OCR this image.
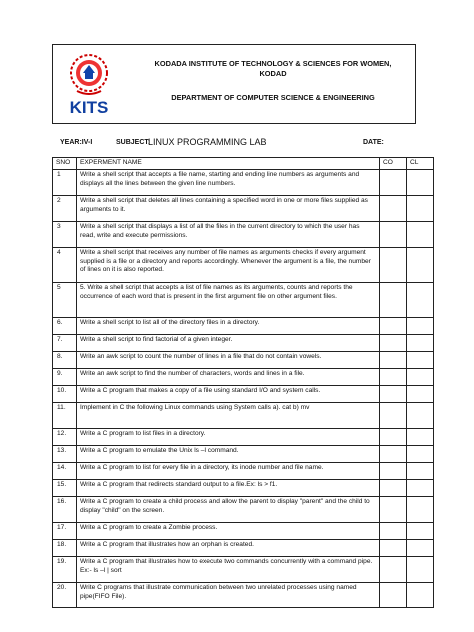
KITS
KODADA INSTITUTE OF TECHNOLOGY & SCIENCES FOR WOMEN, KODAD
DEPARTMENT OF COMPUTER SCIENCE & ENGINEERING
YEAR:IV-I	SUBJECT:
LINUX PROGRAMMING LAB	DATE:
SNO	EXPERMENT NAME	CO	CL
1	Write a shell script that accepts a file name, starting and ending line numbers as arguments and displays all the lines between the given line numbers.		
2	Write a shell script that deletes all lines containing a specified word in one or more files supplied as arguments to it.		
3	Write a shell script that displays a list of all the files in the current directory to which the user has read, write and execute permissions.		
4	Write a shell script that receives any number of file names as arguments checks if every argument supplied is a file or a directory and reports accordingly. Whenever the argument is a file, the number of lines on it is also reported.		
5	5. Write a shell script that accepts a list of file names as its arguments, counts and reports the occurrence of each word that is present in the first argument file on other argument files.		
6.	Write a shell script to list all of the directory files in a directory.		
7.	Write a shell script to find factorial of a given integer.		
8.	Write an awk script to count the number of lines in a file that do not contain vowels.		
9.	Write an awk script to find the number of characters, words and lines in a file.		
10.	Write a C program that makes a copy of a file using standard I/O and system calls.		
11.	Implement in C the following Linux commands using System calls a). cat b) mv		
12.	Write a C program to list files in a directory.		
13.	Write a C program to emulate the Unix ls –l command.		
14.	Write a C program to list for every file in a directory, its inode number and file name.		
15.	Write a C program that redirects standard output to a file.Ex: ls > f1.		
16.	Write a C program to create a child process and allow the parent to display "parent" and the child to display "child" on the screen.		
17.	Write a C program to create a Zombie process.		
18.	Write a C program that illustrates how an orphan is created.		
19.	Write a C program that illustrates how to execute two commands concurrently with a command pipe. Ex:- ls –l | sort		
20.	Write C programs that illustrate communication between two unrelated processes using named pipe(FIFO File).		
